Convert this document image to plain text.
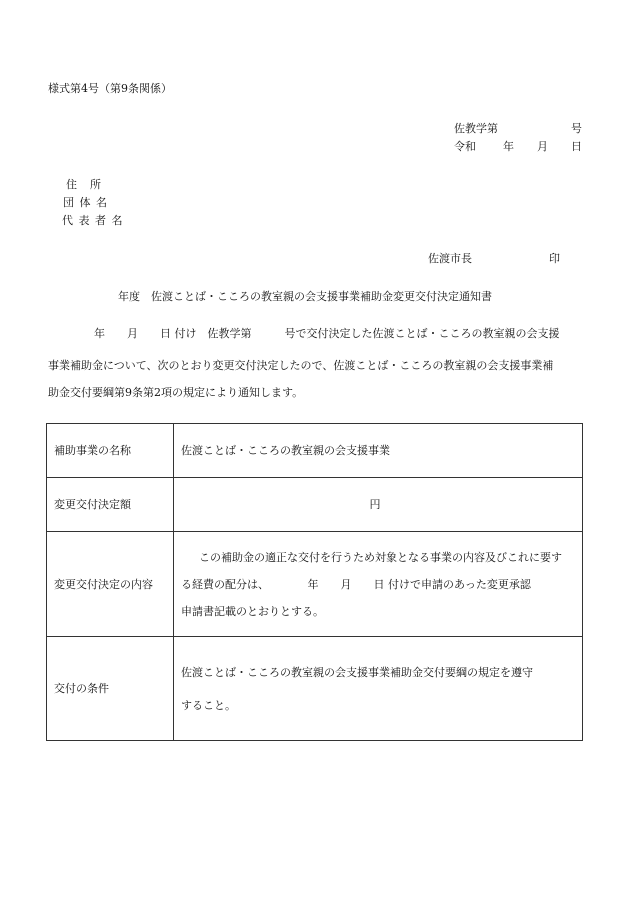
様式第4号（第9条関係）
佐教学第	号
令和 年 月 日
住　所
団 体 名
代 表 者 名
佐渡市長	印
年度　佐渡ことば・こころの教室親の会支援事業補助金変更交付決定通知書
年　　月　　日 付け　佐教学第　　　号で交付決定した佐渡ことば・こころの教室親の会支援
事業補助金について、次のとおり変更交付決定したので、佐渡ことば・こころの教室親の会支援事業補
助金交付要綱第9条第2項の規定により通知します。
補助事業の名称	佐渡ことば・こころの教室親の会支援事業
変更交付決定額	円
変更交付決定の内容	この補助金の適正な交付を行うため対象となる事業の内容及びこれに要す
る経費の配分は、　　　　年　　月　　日 付けで申請のあった変更承認
申請書記載のとおりとする。

交付の条件	佐渡ことば・こころの教室親の会支援事業補助金交付要綱の規定を遵守
すること。
